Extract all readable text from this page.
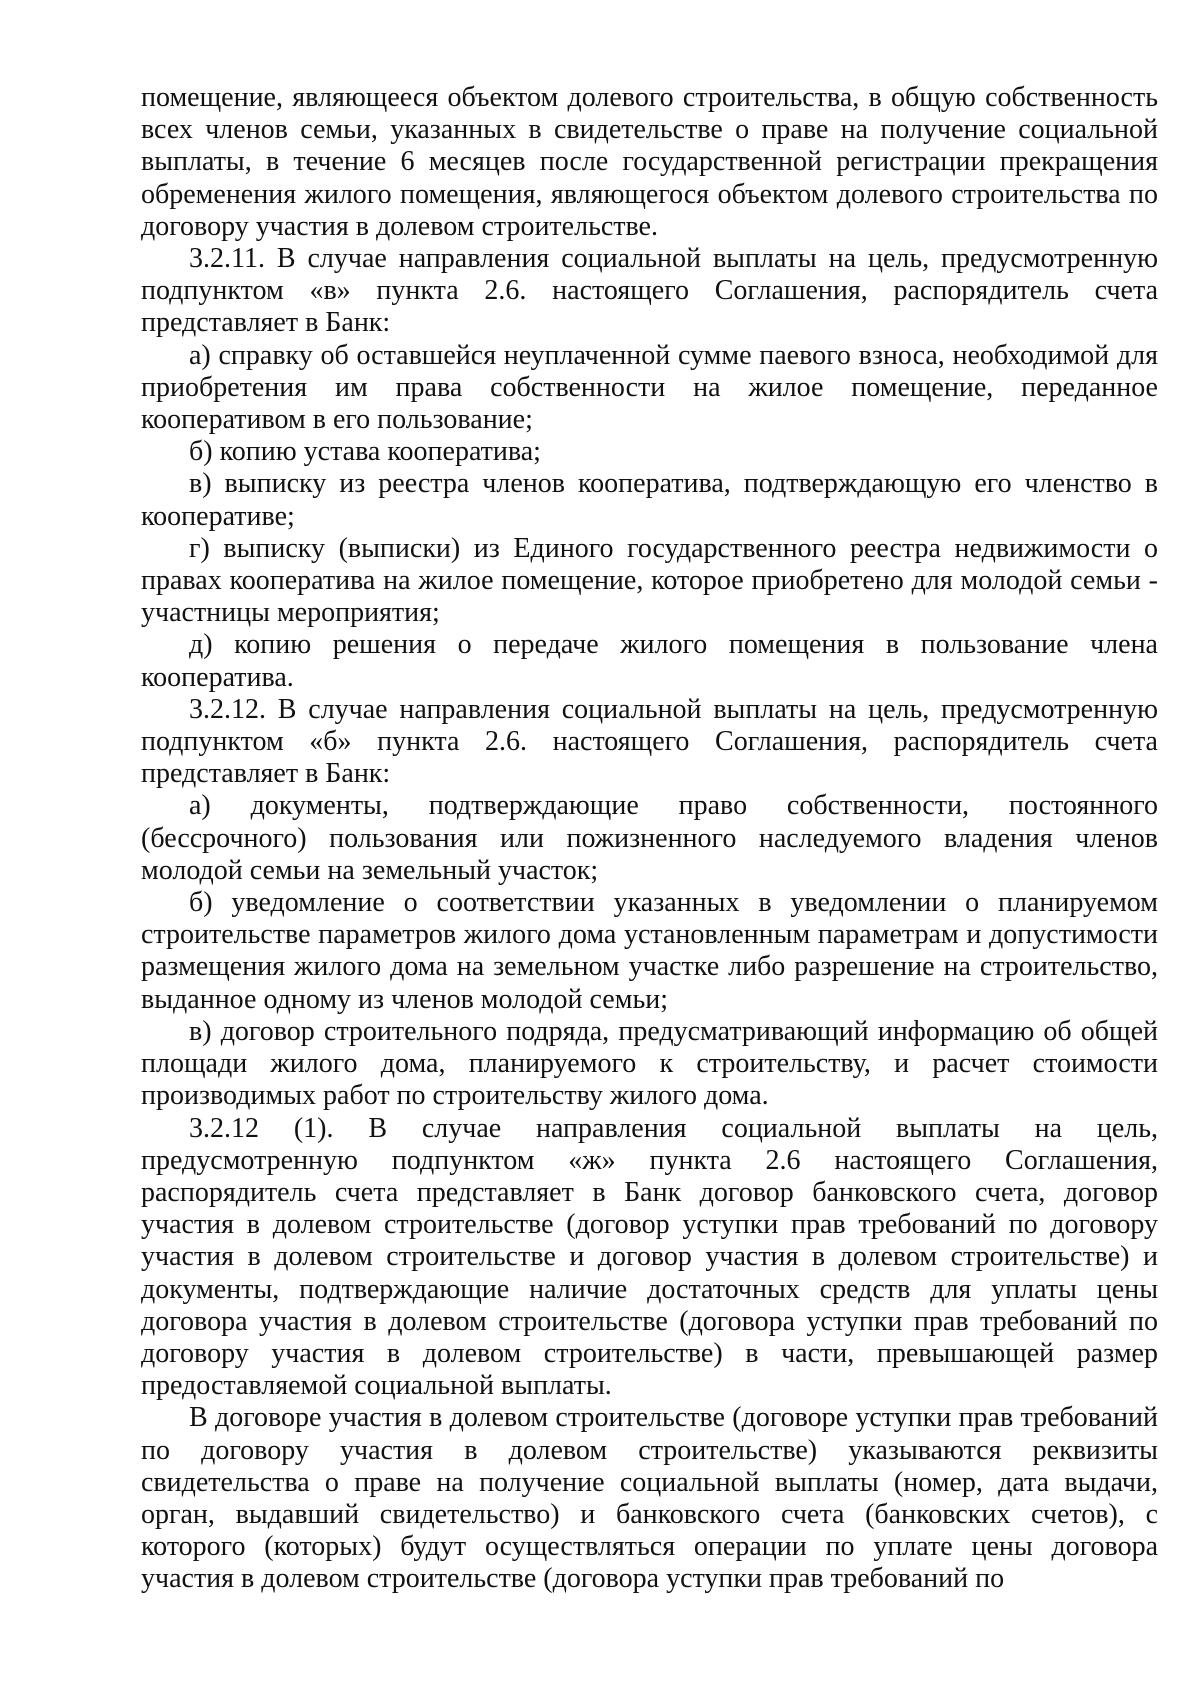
помещение, являющееся объектом долевого строительства, в общую собственность всех членов семьи, указанных в свидетельстве о праве на получение социальной выплаты, в течение 6 месяцев после государственной регистрации прекращения обременения жилого помещения, являющегося объектом долевого строительства по договору участия в долевом строительстве.

3.2.11. В случае направления социальной выплаты на цель, предусмотренную подпунктом «в» пункта 2.6. настоящего Соглашения, распорядитель счета представляет в Банк:

а) справку об оставшейся неуплаченной сумме паевого взноса, необходимой для приобретения им права собственности на жилое помещение, переданное кооперативом в его пользование;

б) копию устава кооператива;

в) выписку из реестра членов кооператива, подтверждающую его членство в кооперативе;

г) выписку (выписки) из Единого государственного реестра недвижимости о правах кооператива на жилое помещение, которое приобретено для молодой семьи - участницы мероприятия;

д) копию решения о передаче жилого помещения в пользование члена кооператива.

3.2.12. В случае направления социальной выплаты на цель, предусмотренную подпунктом «б» пункта 2.6. настоящего Соглашения, распорядитель счета представляет в Банк:

а) документы, подтверждающие право собственности, постоянного (бессрочного) пользования или пожизненного наследуемого владения членов молодой семьи на земельный участок;

б) уведомление о соответствии указанных в уведомлении о планируемом строительстве параметров жилого дома установленным параметрам и допустимости размещения жилого дома на земельном участке либо разрешение на строительство, выданное одному из членов молодой семьи;

в) договор строительного подряда, предусматривающий информацию об общей площади жилого дома, планируемого к строительству, и расчет стоимости производимых работ по строительству жилого дома.

3.2.12 (1). В случае направления социальной выплаты на цель, предусмотренную подпунктом «ж» пункта 2.6 настоящего Соглашения, распорядитель счета представляет в Банк договор банковского счета, договор участия в долевом строительстве (договор уступки прав требований по договору участия в долевом строительстве и договор участия в долевом строительстве) и документы, подтверждающие наличие достаточных средств для уплаты цены договора участия в долевом строительстве (договора уступки прав требований по договору участия в долевом строительстве) в части, превышающей размер предоставляемой социальной выплаты.

В договоре участия в долевом строительстве (договоре уступки прав требований по договору участия в долевом строительстве) указываются реквизиты свидетельства о праве на получение социальной выплаты (номер, дата выдачи, орган, выдавший свидетельство) и банковского счета (банковских счетов), с которого (которых) будут осуществляться операции по уплате цены договора участия в долевом строительстве (договора уступки прав требований по
